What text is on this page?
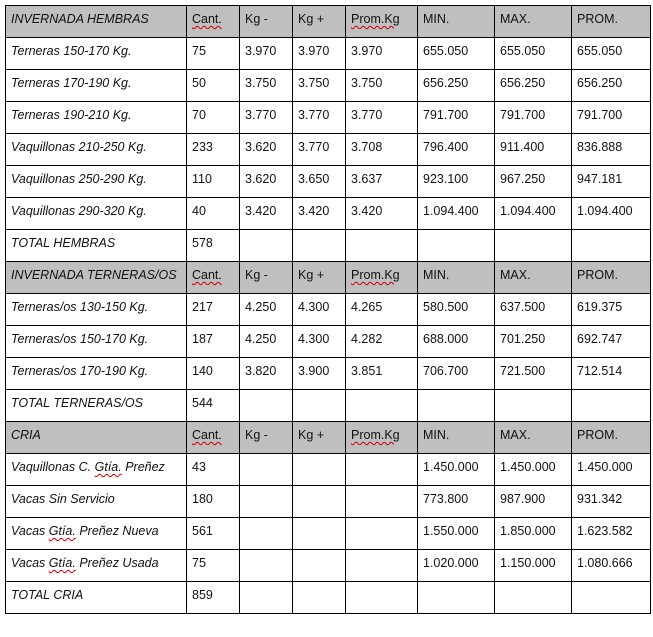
INVERNADA HEMBRAS	Cant.	Kg -	Kg +	Prom.Kg	MIN.	MAX.	PROM.
Terneras 150-170 Kg.	75	3.970	3.970	3.970	655.050	655.050	655.050
Terneras 170-190 Kg.	50	3.750	3.750	3.750	656.250	656.250	656.250
Terneras 190-210 Kg.	70	3.770	3.770	3.770	791.700	791.700	791.700
Vaquillonas 210-250 Kg.	233	3.620	3.770	3.708	796.400	911.400	836.888
Vaquillonas 250-290 Kg.	110	3.620	3.650	3.637	923.100	967.250	947.181
Vaquillonas 290-320 Kg.	40	3.420	3.420	3.420	1.094.400	1.094.400	1.094.400
TOTAL HEMBRAS	578						
INVERNADA TERNERAS/OS	Cant.	Kg -	Kg +	Prom.Kg	MIN.	MAX.	PROM.
Terneras/os 130-150 Kg.	217	4.250	4.300	4.265	580.500	637.500	619.375
Terneras/os 150-170 Kg.	187	4.250	4.300	4.282	688.000	701.250	692.747
Terneras/os 170-190 Kg.	140	3.820	3.900	3.851	706.700	721.500	712.514
TOTAL TERNERAS/OS	544						
CRIA	Cant.	Kg -	Kg +	Prom.Kg	MIN.	MAX.	PROM.
Vaquillonas C. Gtía. Preñez	43				1.450.000	1.450.000	1.450.000
Vacas Sin Servicio	180				773.800	987.900	931.342
Vacas Gtía. Preñez Nueva	561				1.550.000	1.850.000	1.623.582
Vacas Gtía. Preñez Usada	75				1.020.000	1.150.000	1.080.666
TOTAL CRIA	859						
